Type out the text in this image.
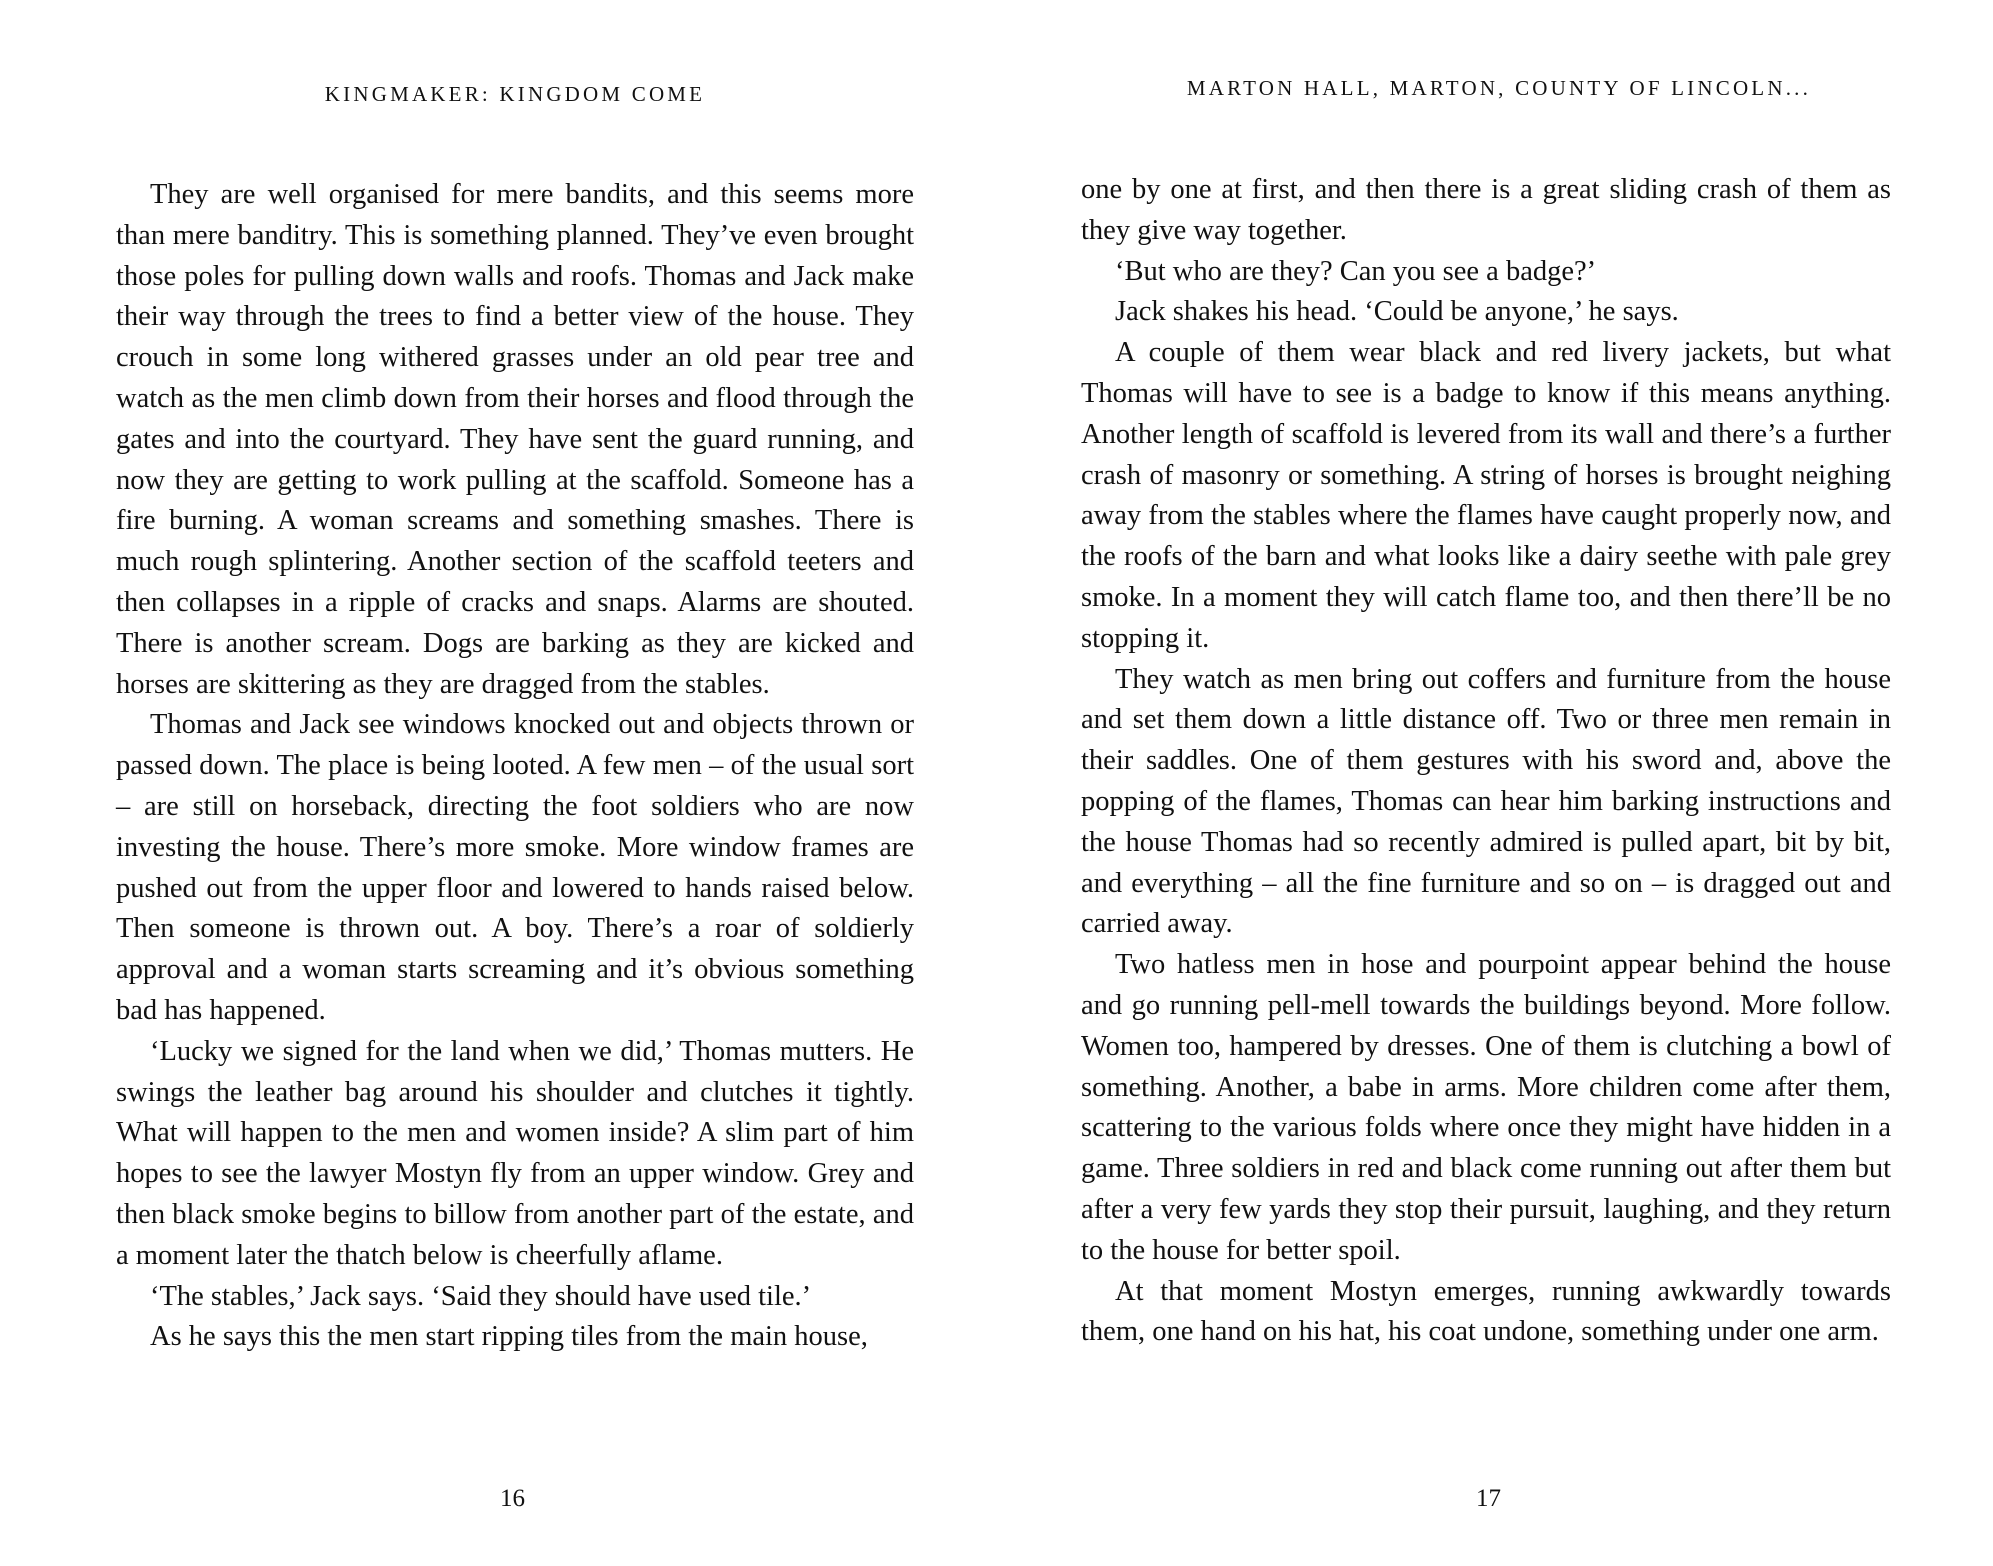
KINGMAKER: KINGDOM COME

They are well organised for mere bandits, and this seems more than mere banditry. This is something planned. They’ve even brought those poles for pulling down walls and roofs. Thomas and Jack make their way through the trees to find a better view of the house. They crouch in some long withered grasses under an old pear tree and watch as the men climb down from their horses and flood through the gates and into the courtyard. They have sent the guard running, and now they are getting to work pulling at the scaffold. Someone has a fire burning. A woman screams and something smashes. There is much rough splintering. Another section of the scaffold teeters and then collapses in a ripple of cracks and snaps. Alarms are shouted. There is another scream. Dogs are barking as they are kicked and horses are skittering as they are dragged from the stables.

Thomas and Jack see windows knocked out and objects thrown or passed down. The place is being looted. A few men – of the usual sort – are still on horseback, directing the foot soldiers who are now investing the house. There’s more smoke. More window frames are pushed out from the upper floor and lowered to hands raised below. Then someone is thrown out. A boy. There’s a roar of soldierly approval and a woman starts screaming and it’s obvious something bad has happened.

‘Lucky we signed for the land when we did,’ Thomas mutters. He swings the leather bag around his shoulder and clutches it tightly. What will happen to the men and women inside? A slim part of him hopes to see the lawyer Mostyn fly from an upper window. Grey and then black smoke begins to billow from another part of the estate, and a moment later the thatch below is cheerfully aflame.

‘The stables,’ Jack says. ‘Said they should have used tile.’

As he says this the men start ripping tiles from the main house,

16
MARTON HALL, MARTON, COUNTY OF LINCOLN...

one by one at first, and then there is a great sliding crash of them as they give way together.

‘But who are they? Can you see a badge?’

Jack shakes his head. ‘Could be anyone,’ he says.

A couple of them wear black and red livery jackets, but what Thomas will have to see is a badge to know if this means anything. Another length of scaffold is levered from its wall and there’s a further crash of masonry or something. A string of horses is brought neighing away from the stables where the flames have caught properly now, and the roofs of the barn and what looks like a dairy seethe with pale grey smoke. In a moment they will catch flame too, and then there’ll be no stopping it.

They watch as men bring out coffers and furniture from the house and set them down a little distance off. Two or three men remain in their saddles. One of them gestures with his sword and, above the popping of the flames, Thomas can hear him barking instructions and the house Thomas had so recently admired is pulled apart, bit by bit, and everything – all the fine furniture and so on – is dragged out and carried away.

Two hatless men in hose and pourpoint appear behind the house and go running pell-mell towards the buildings beyond. More follow. Women too, hampered by dresses. One of them is clutching a bowl of something. Another, a babe in arms. More children come after them, scattering to the various folds where once they might have hidden in a game. Three soldiers in red and black come running out after them but after a very few yards they stop their pursuit, laughing, and they return to the house for better spoil.

At that moment Mostyn emerges, running awkwardly towards them, one hand on his hat, his coat undone, something under one arm.

17
